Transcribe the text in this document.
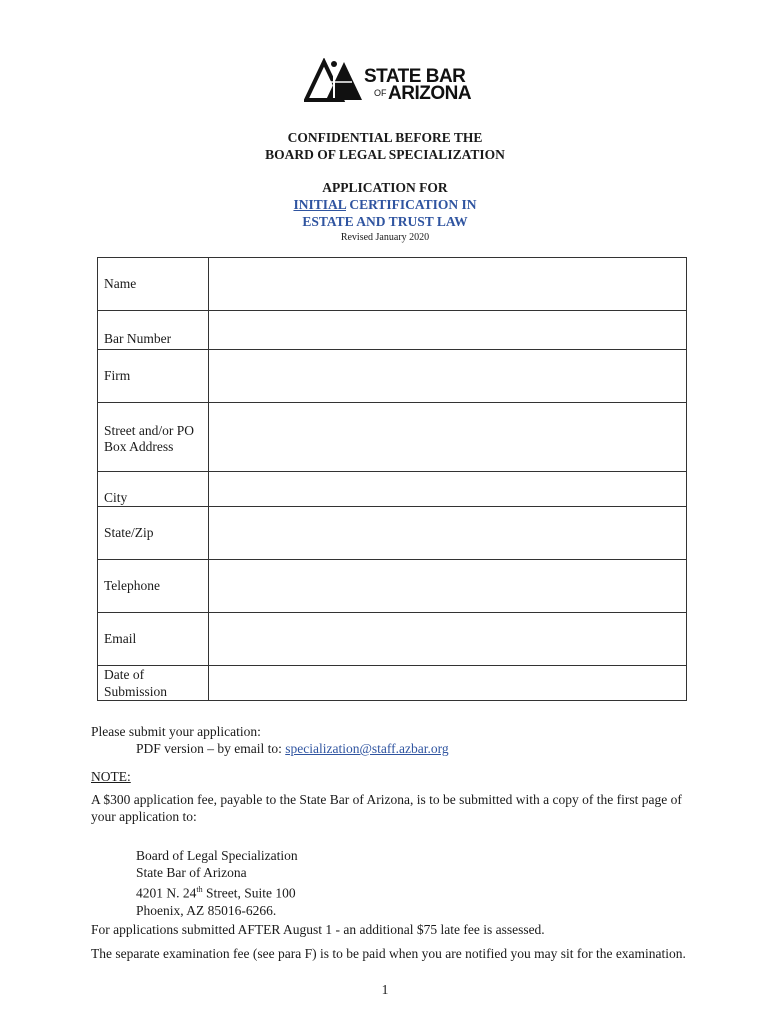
STATE BAR
OF ARIZONA
CONFIDENTIAL BEFORE THE
BOARD OF LEGAL SPECIALIZATION
APPLICATION FOR
INITIAL CERTIFICATION IN
ESTATE AND TRUST LAW
Revised January 2020
Name	
Bar Number	
Firm	
Street and/or PO Box Address	
City	
State/Zip	
Telephone	
Email	
Date of Submission	
Please submit your application:
PDF version – by email to: specialization@staff.azbar.org
NOTE:
A $300 application fee, payable to the State Bar of Arizona, is to be submitted with a copy of the first page of your application to:
Board of Legal Specialization
State Bar of Arizona
4201 N. 24th Street, Suite 100
Phoenix, AZ 85016-6266.
For applications submitted AFTER August 1 - an additional $75 late fee is assessed.
The separate examination fee (see para F) is to be paid when you are notified you may sit for the examination.
1
